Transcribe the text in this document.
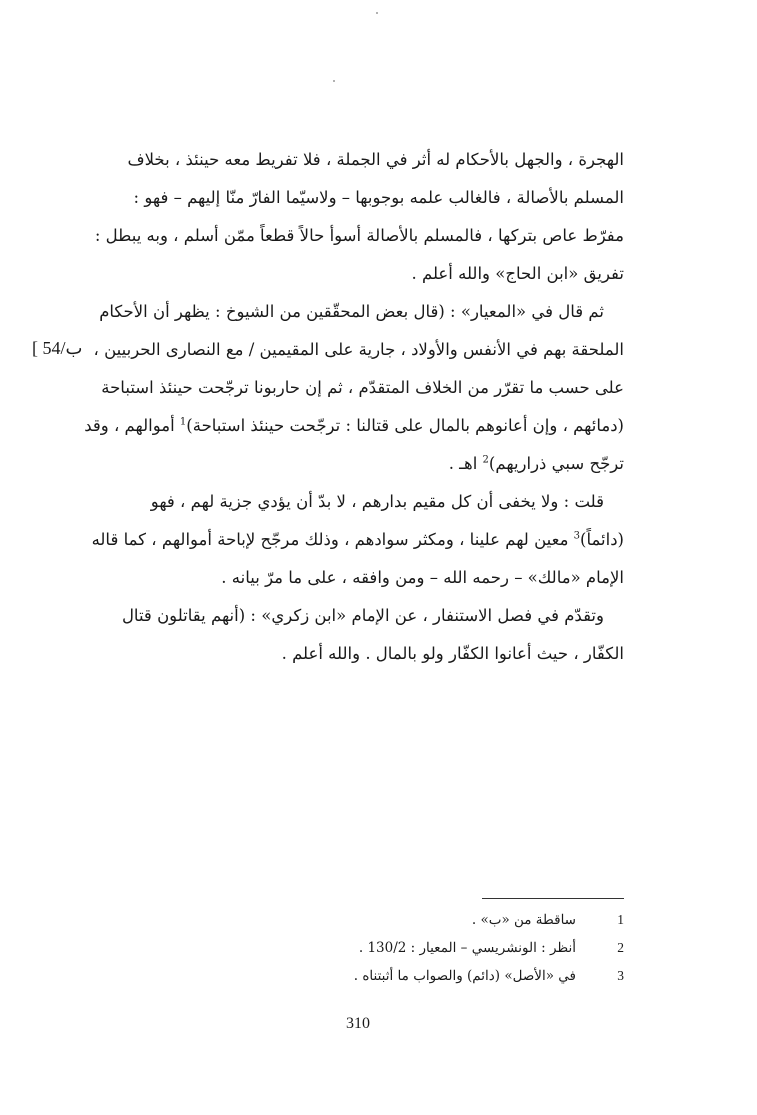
الهجرة ، والجهل بالأحكام له أثر في الجملة ، فلا تفريط معه حينئذ ، بخلاف
المسلم بالأصالة ، فالغالب علمه بوجوبها – ولاسيّما الفارّ منّا إليهم – فهو :
مفرّط عاص بتركها ، فالمسلم بالأصالة أسوأ حالاً قطعاً ممّن أسلم ، وبه يبطل :
تفريق «ابن الحاج» والله أعلم .
ثم قال في «المعيار» : (قال بعض المحقّقين من الشيوخ : يظهر أن الأحكام
الملحقة بهم في الأنفس والأولاد ، جارية على المقيمين / مع النصارى الحربيين ،
على حسب ما تقرّر من الخلاف المتقدّم ، ثم إن حاربونا ترجّحت حينئذ استباحة
(دمائهم ، وإن أعانوهم بالمال على قتالنا : ترجّحت حينئذ استباحة)$^1$ أموالهم ، وقد
ترجّح سبي ذراريهم)$^2$ اهـ .
قلت : ولا يخفى أن كل مقيم بدارهم ، لا بدّ أن يؤدي جزية لهم ، فهو
(دائماً)$^3$ معين لهم علينا ، ومكثر سوادهم ، وذلك مرجّح لإباحة أموالهم ، كما قاله
الإمام «مالك» – رحمه الله – ومن وافقه ، على ما مرّ بيانه .
وتقدّم في فصل الاستنفار ، عن الإمام «ابن زكري» : (أنهم يقاتلون قتال
الكفّار ، حيث أعانوا الكفّار ولو بالمال . والله أعلم .
[ 54/ب
1
ساقطة من «ب» .
2
أنظر : الونشريسي – المعيار : 130/2 .
3
في «الأصل» (دائم) والصواب ما أثبتناه .
310
